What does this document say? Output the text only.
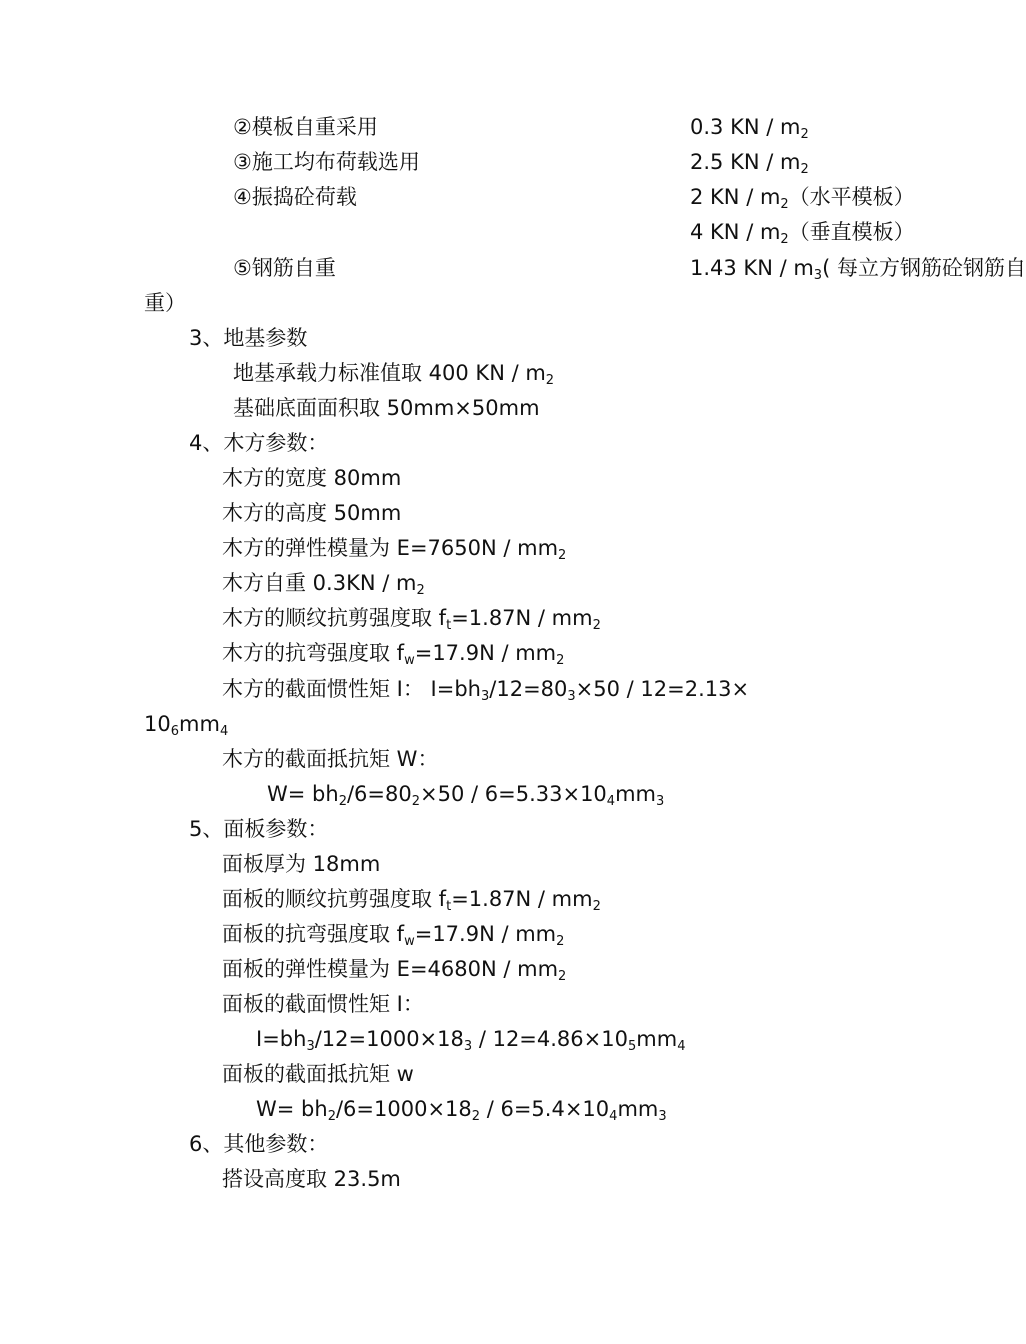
②模板自重采用	0.3 KN / $m_2$
③施工均布荷载选用	2.5 KN / $m_2$
④振捣砼荷载	2 KN / $m_2$（水平模板）
4 KN / $m_2$（垂直模板）
⑤钢筋自重	1.43 KN / $m_3$( 每立方钢筋砼钢筋自
重）
3、地基参数
地基承载力标准值取 400 KN / $m_2$
基础底面面积取 50mm×50mm
4、木方参数：
木方的宽度 80mm
木方的高度 50mm
木方的弹性模量为 $E=7650N / mm_2$
木方自重 $0.3KN / m_2$
木方的顺纹抗剪强度取 $f_t=1.87N / mm_2$
木方的抗弯强度取 $f_w=17.9N / mm_2$
木方的截面惯性矩 I： $I=bh_3/12=80_3\times 50 / 12=2.13\times$
$10_6mm_4$
木方的截面抵抗矩 W：
$W= bh_2/6=80_2\times 50 / 6=5.33\times 10_4mm_3$
5、面板参数：
面板厚为 18mm
面板的顺纹抗剪强度取 $f_t=1.87N / mm_2$
面板的抗弯强度取 $f_w=17.9N / mm_2$
面板的弹性模量为 $E=4680N / mm_2$
面板的截面惯性矩 I：
$I=bh_3/12=1000\times 18_3 / 12=4.86\times 10_5mm_4$
面板的截面抵抗矩 w
$W= bh_2/6=1000\times 18_2 / 6=5.4\times 10_4mm_3$
6、其他参数：
搭设高度取 23.5m
